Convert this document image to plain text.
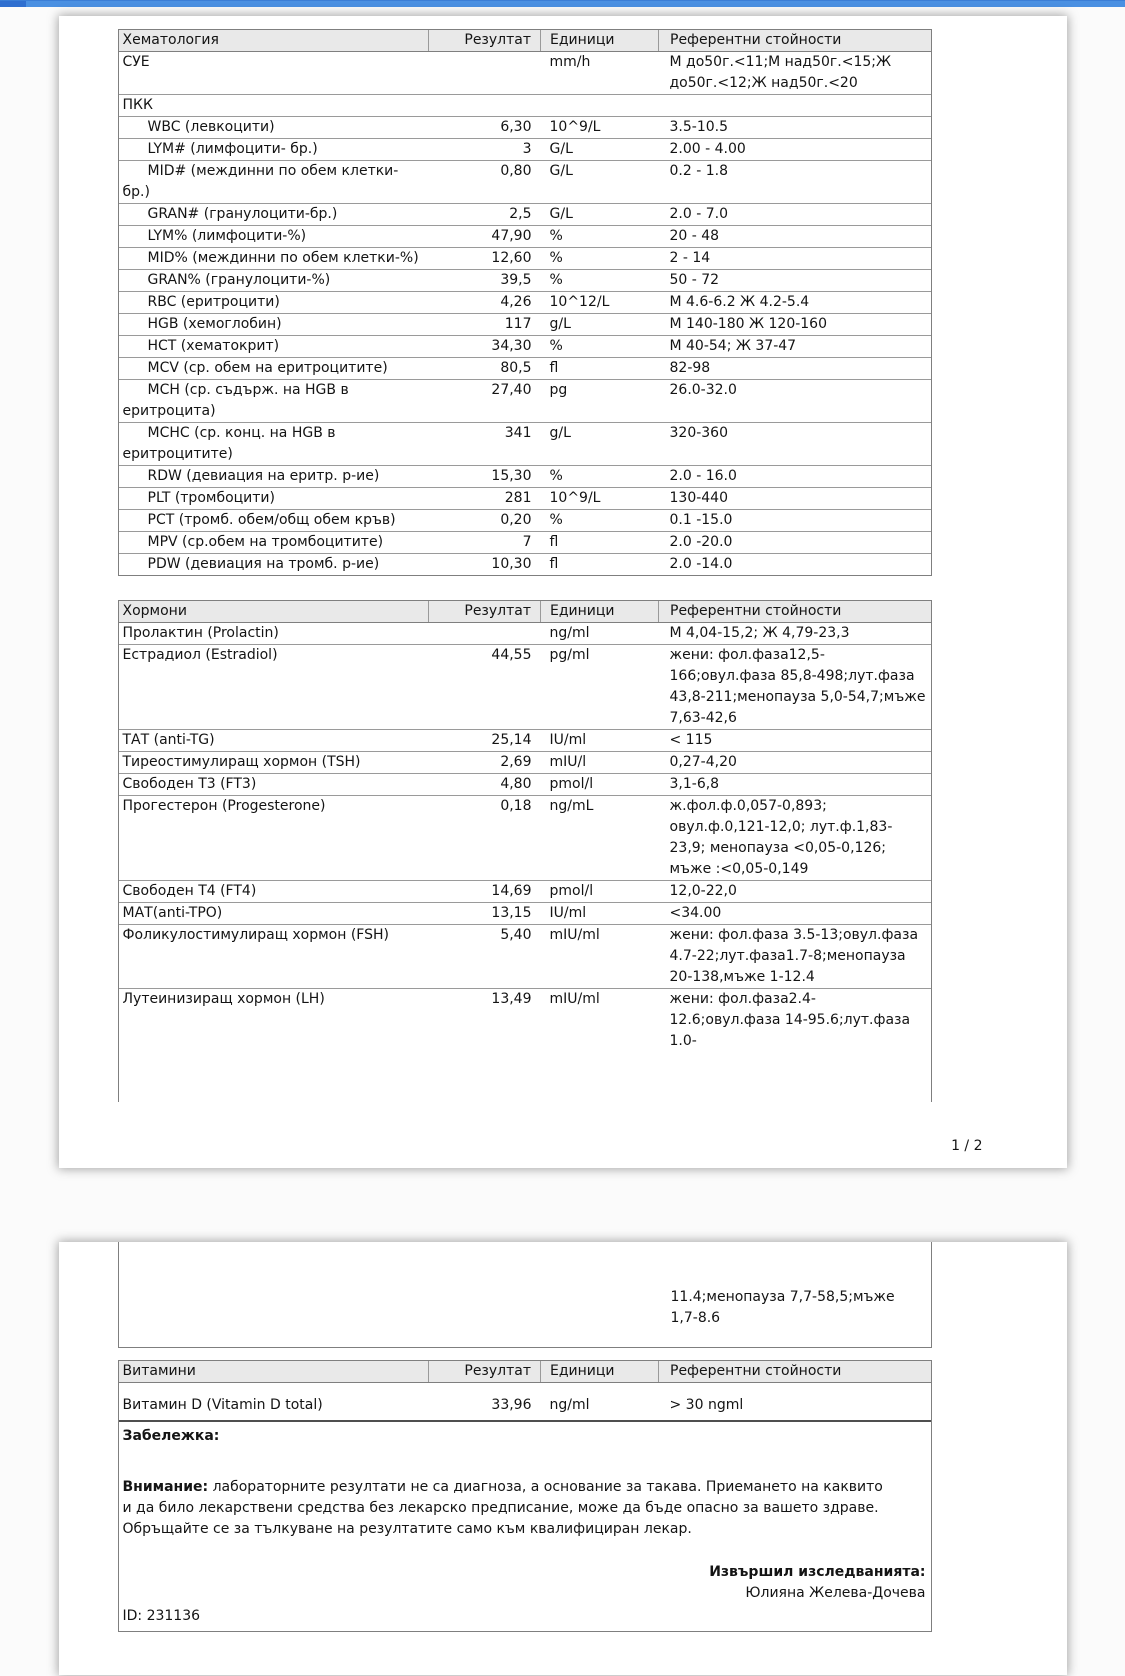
Хематология	Резултат	Единици	Референтни стойности
СУЕ		mm/h	М до50г.<11;М над50г.<15;Ж до50г.<12;Ж над50г.<20
ПКК			
WBC (левкоцити)	6,30	10^9/L	3.5-10.5
LYM# (лимфоцити- бр.)	3	G/L	2.00 - 4.00
MID# (междинни по обем клетки-бр.)	0,80	G/L	0.2 - 1.8
GRAN# (гранулоцити-бр.)	2,5	G/L	2.0 - 7.0
LYM% (лимфоцити-%)	47,90	%	20 - 48
MID% (междинни по обем клетки-%)	12,60	%	2 - 14
GRAN% (гранулоцити-%)	39,5	%	50 - 72
RBC (еритроцити)	4,26	10^12/L	М 4.6-6.2 Ж 4.2-5.4
HGB (хемоглобин)	117	g/L	М 140-180 Ж 120-160
HCT (хематокрит)	34,30	%	М 40-54; Ж 37-47
MCV (ср. обем на еритроцитите)	80,5	fl	82-98
MCH (ср. съдърж. на HGB в еритроцита)	27,40	pg	26.0-32.0
MCHC (ср. конц. на HGB в еритроцитите)	341	g/L	320-360
RDW (девиация на еритр. р-ие)	15,30	%	2.0 - 16.0
PLT (тромбоцити)	281	10^9/L	130-440
PCT (тромб. обем/общ обем кръв)	0,20	%	0.1 -15.0
MPV (ср.обем на тромбоцитите)	7	fl	2.0 -20.0
PDW (девиация на тромб. р-ие)	10,30	fl	2.0 -14.0
Хормони	Резултат	Единици	Референтни стойности
Пролактин (Prolactin)		ng/ml	М 4,04-15,2; Ж 4,79-23,3
Естрадиол (Estradiol)	44,55	pg/ml	жени: фол.фаза12,5-166;овул.фаза 85,8-498;лут.фаза 43,8-211;менопауза 5,0-54,7;мъже 7,63-42,6
ТАТ (anti-TG)	25,14	IU/ml	< 115
Тиреостимулиращ хормон (TSH)	2,69	mIU/l	0,27-4,20
Свободен Т3 (FT3)	4,80	pmol/l	3,1-6,8
Прогестерон (Progesterone)	0,18	ng/mL	ж.фол.ф.0,057-0,893; овул.ф.0,121-12,0; лут.ф.1,83-23,9; менопауза <0,05-0,126; мъже :<0,05-0,149
Свободен Т4 (FT4)	14,69	pmol/l	12,0-22,0
МАТ(anti-TPO)	13,15	IU/ml	<34.00
Фоликулостимулиращ хормон (FSH)	5,40	mIU/ml	жени: фол.фаза 3.5-13;овул.фаза 4.7-22;лут.фаза1.7-8;менопауза 20-138,мъже 1-12.4
Лутеинизиращ хормон (LH)	13,49	mIU/ml	жени: фол.фаза2.4-12.6;овул.фаза 14-95.6;лут.фаза 1.0-
1 / 2
11.4;менопауза 7,7-58,5;мъже 1,7-8.6
Витамини	Резултат	Единици	Референтни стойности
Витамин D (Vitamin D total)	33,96	ng/ml	> 30 ngml
Забележка:
Внимание: лабораторните резултати не са диагноза, а основание за такава. Приемането на каквито и да било лекарствени средства без лекарско предписание, може да бъде опасно за вашето здраве. Обръщайте се за тълкуване на резултатите само към квалифициран лекар.
Извършил изследванията:
Юлияна Желева-Дочева
ID: 231136
